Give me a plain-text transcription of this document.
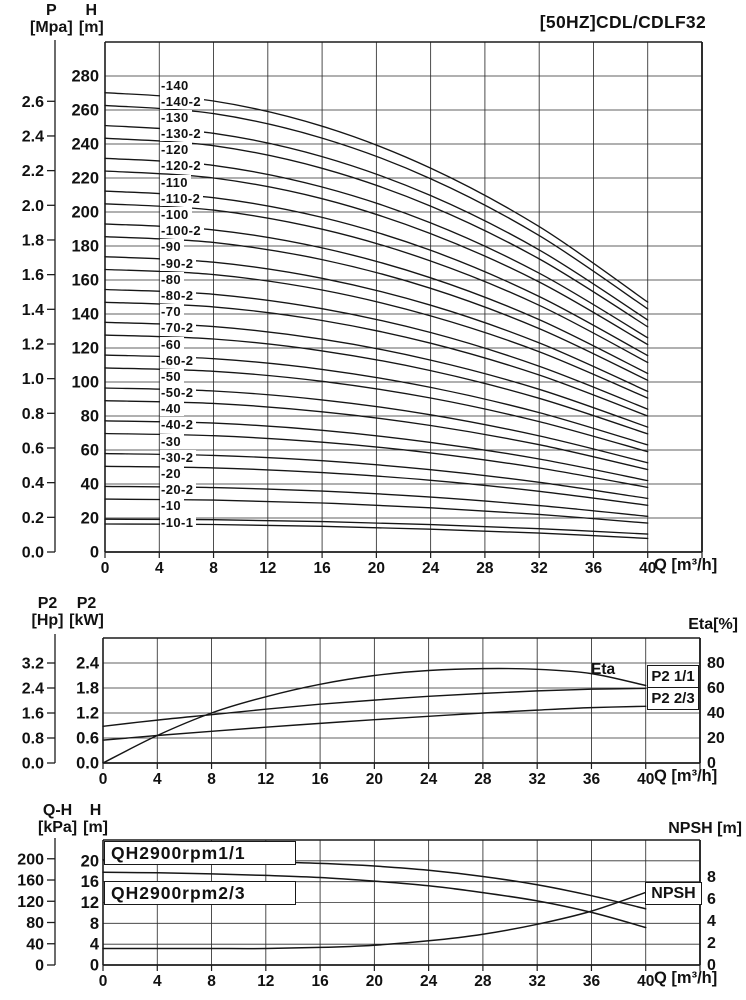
0	4	8	12 16 20 24 28 32 36 40
0.0
0.2
0.4
0.6
0.8
1.0
1.2
1.4
1.6
1.8
2.0
2.2
2.4
2.6
0
20
40
60
80
100
120
140
160
180
200
220
240
260
280
0	4	8	12 16 20 24 28 32 36 40
0.0
0.8
1.6
2.4
3.2
0.0
0.6
1.2
1.8
2.4
0
20
40
60
80
0	4	8	12 16 20 24 28 32 36 40
0
40
80
120
160
200
0
4
8
12
16
20
0
2
4
6
8
[50HZ]CDL/CDLF32
P	H
[Mpa] [m]
P2	P2
[Hp] [kW]
Q-H	H
[kPa] [m]
Eta[%]
NPSH [m]
Q [m³/h]
Q [m³/h]
Q [m³/h]
Eta P2 1/1
P2 2/3
QH2900rpm1/1
QH2900rpm2/3	NPSH
-140
-140-2
-130
-130-2
-120
-120-2
-110
-110-2
-100
-100-2
-90
-90-2
-80
-80-2
-70
-70-2
-60
-60-2
-50
-50-2
-40
-40-2
-30
-30-2
-20
-20-2
-10
-10-1
